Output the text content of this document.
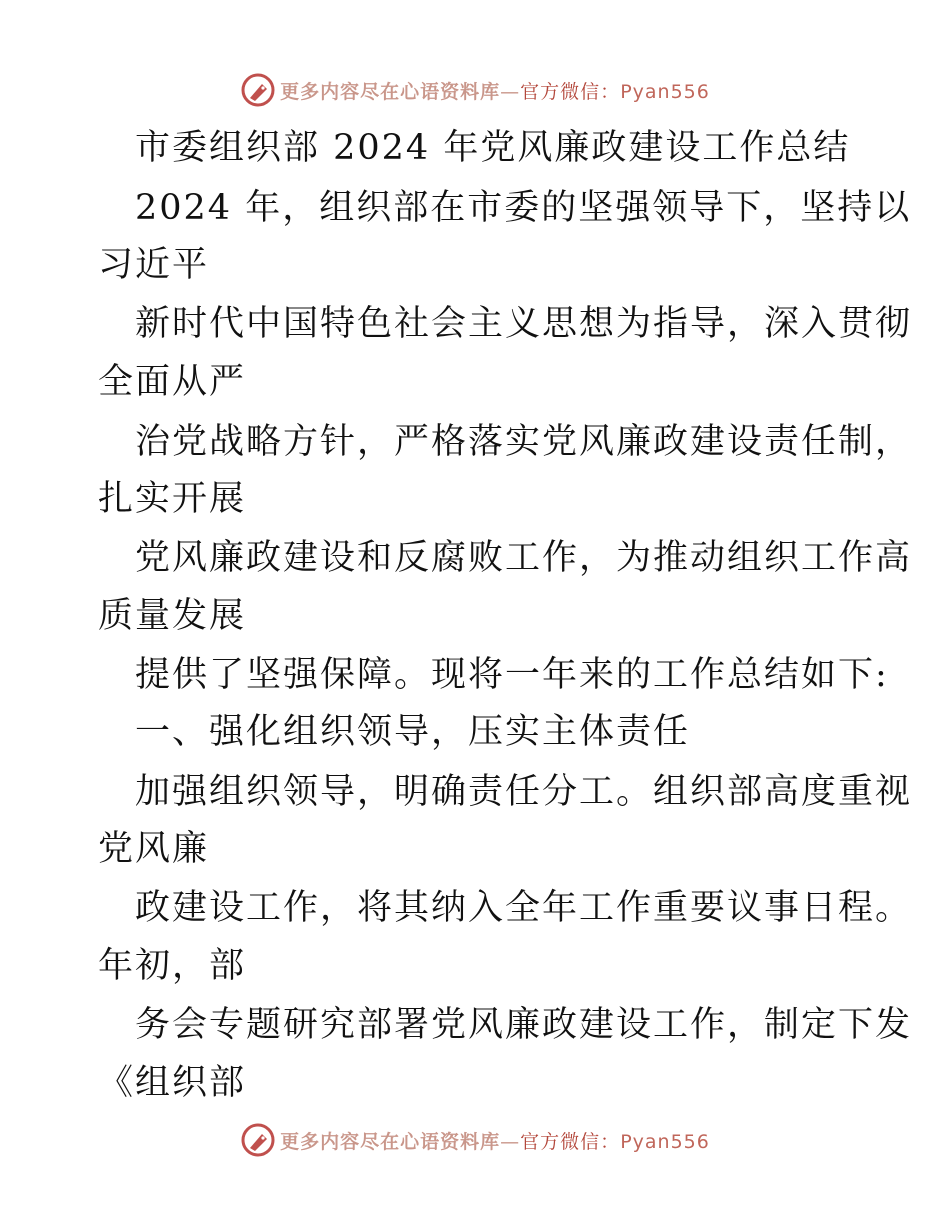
更多内容尽在心语资料库—官方微信：Pyan556
市委组织部 2024 年党风廉政建设工作总结
2024 年，组织部在市委的坚强领导下，坚持以
习近平
新时代中国特色社会主义思想为指导，深入贯彻
全面从严
治党战略方针，严格落实党风廉政建设责任制，
扎实开展
党风廉政建设和反腐败工作，为推动组织工作高
质量发展
提供了坚强保障。现将一年来的工作总结如下:
一、强化组织领导，压实主体责任
加强组织领导，明确责任分工。组织部高度重视
党风廉
政建设工作，将其纳入全年工作重要议事日程。
年初，部
务会专题研究部署党风廉政建设工作，制定下发
《组织部
更多内容尽在心语资料库—官方微信：Pyan556
